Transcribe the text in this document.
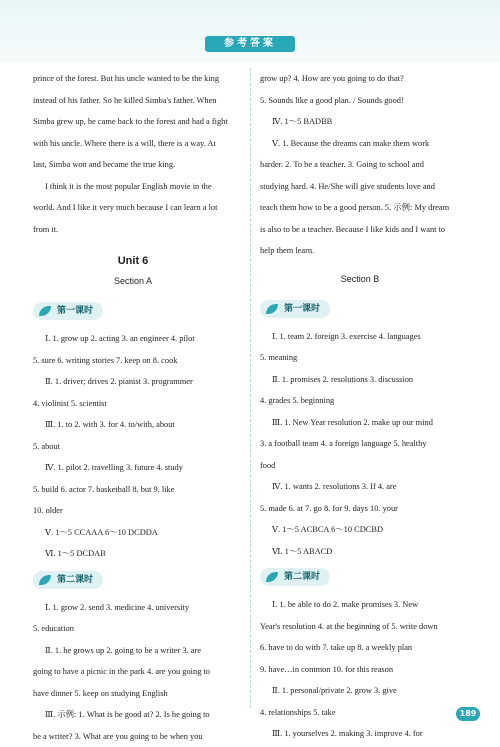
参考答案

prince of the forest. But his uncle wanted to be the king

instead of his father. So he killed Simba's father. When

Simba grew up, he came back to the forest and had a fight

with his uncle. Where there is a will, there is a way. At

last, Simba won and became the true king.

I think it is the most popular English movie in the

world. And I like it very much because I can learn a lot

from it.

Unit 6
Section A
第一课时

Ⅰ. 1. grow up 2. acting 3. an engineer 4. pilot

5. sure 6. writing stories 7. keep on 8. cook

Ⅱ. 1. driver; drives 2. pianist 3. programmer

4. violinist 5. scientist

Ⅲ. 1. to 2. with 3. for 4. to/with, about

5. about

Ⅳ. 1. pilot 2. travelling 3. future 4. study

5. build 6. actor 7. basketball 8. but 9. like

10. older

Ⅴ. 1～5 CCAAA 6～10 DCDDA

Ⅵ. 1～5 DCDAB

第二课时

Ⅰ. 1. grow 2. send 3. medicine 4. university

5. education

Ⅱ. 1. he grows up 2. going to be a writer 3. are

going to have a picnic in the park 4. are you going to

have dinner 5. keep on studying English

Ⅲ. 示例: 1. What is he good at? 2. Is he going to

be a writer? 3. What are you going to be when you

grow up? 4. How are you going to do that?

5. Sounds like a good plan. / Sounds good!

Ⅳ. 1～5 BADBB

Ⅴ. 1. Because the dreams can make them work

harder. 2. To be a teacher. 3. Going to school and

studying hard. 4. He/She will give students love and

teach them how to be a good person. 5. 示例: My dream

is also to be a teacher. Because I like kids and I want to

help them learn.

Section B
第一课时

Ⅰ. 1. team 2. foreign 3. exercise 4. languages

5. meaning

Ⅱ. 1. promises 2. resolutions 3. discussion

4. grades 5. beginning

Ⅲ. 1. New Year resolution 2. make up our mind

3. a football team 4. a foreign language 5. healthy

food

Ⅳ. 1. wants 2. resolutions 3. If 4. are

5. made 6. at 7. go 8. for 9. days 10. your

Ⅴ. 1～5 ACBCA 6～10 CDCBD

Ⅵ. 1～5 ABACD

第二课时

Ⅰ. 1. be able to do 2. make promises 3. New

Year's resolution 4. at the beginning of 5. write down

6. have to do with 7. take up 8. a weekly plan

9. have…in common 10. for this reason

Ⅱ. 1. personal/private 2. grow 3. give

4. relationships 5. take

Ⅲ. 1. yourselves 2. making 3. improve 4. for

189
